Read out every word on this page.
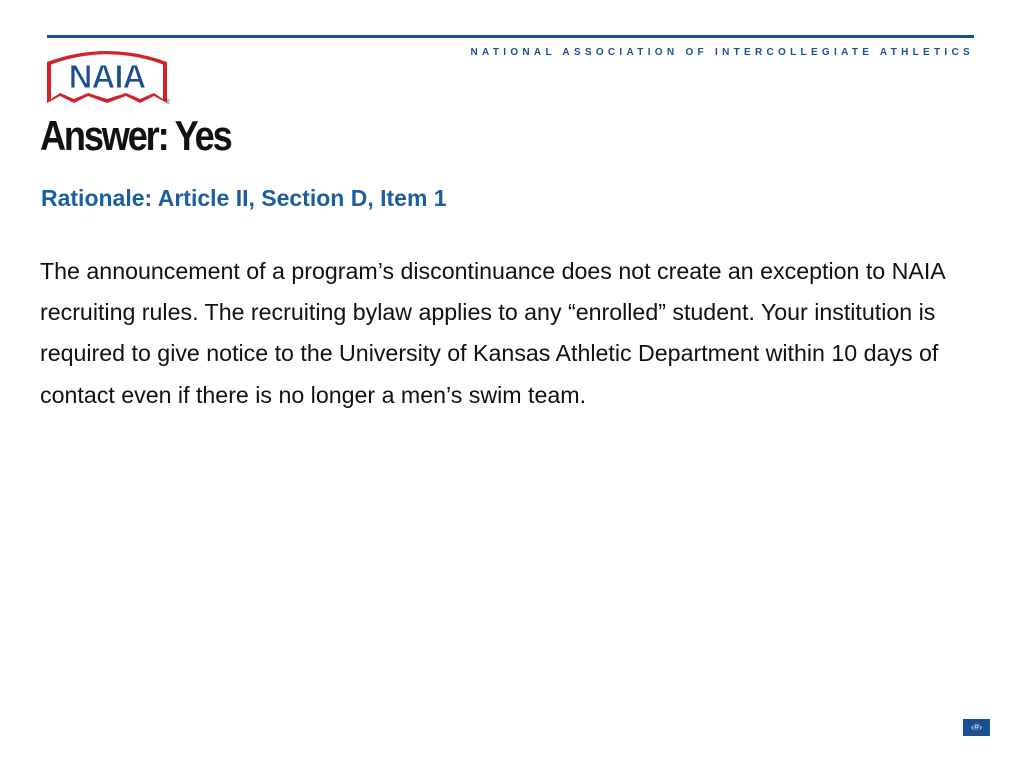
NATIONAL ASSOCIATION OF INTERCOLLEGIATE ATHLETICS
NAIA
®
Answer: Yes
Rationale: Article II, Section D, Item 1

The announcement of a program’s discontinuance does not create an exception to NAIA recruiting rules. The recruiting bylaw applies to any “enrolled” student. Your institution is required to give notice to the University of Kansas Athletic Department within 10 days of contact even if there is no longer a men’s swim team.

‹#›
